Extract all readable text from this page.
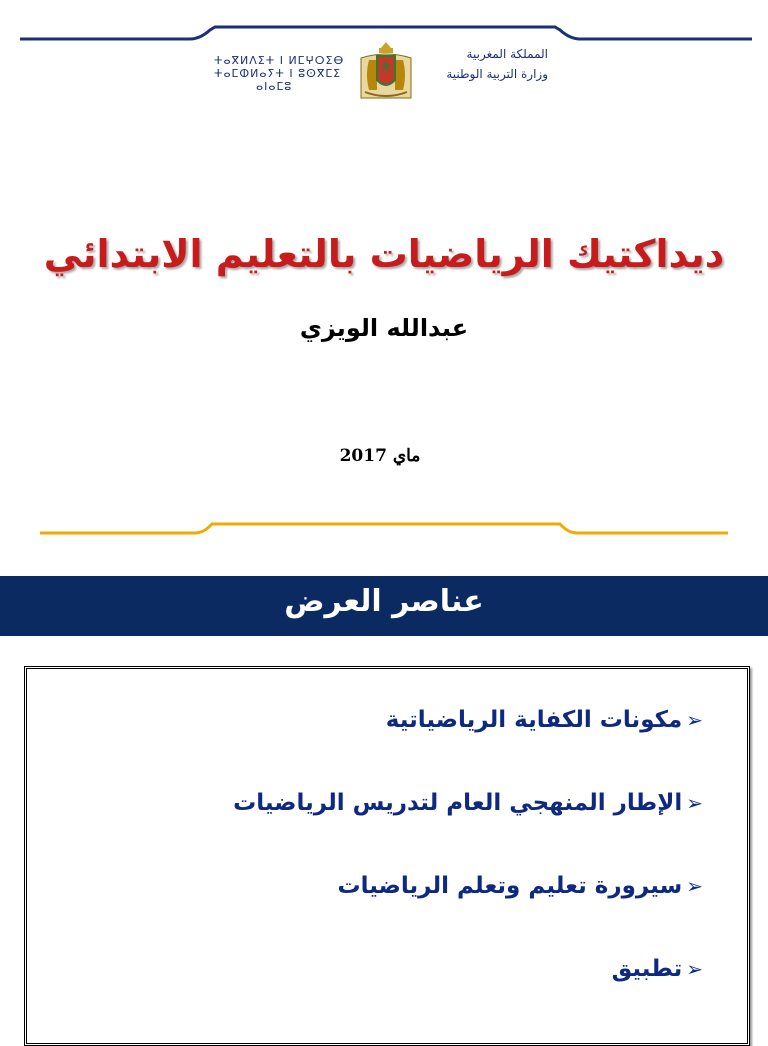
ⵜⴰⴳⵍⴷⵉⵜ ⵏ ⵍⵎⵖⵔⵉⴱ
ⵜⴰⵎⵀⵍⴰⵢⵜ ⵏ ⵓⵙⴳⵎⵉ
ⴰⵏⴰⵎⵓ
المملكة المغربية
وزارة التربية الوطنية
ديداكتيك الرياضيات بالتعليم الابتدائي
عبدالله الويزي
ماي 2017
عناصر العرض
➢مكونات الكفاية الرياضياتية
➢الإطار المنهجي العام لتدريس الرياضيات
➢سيرورة تعليم وتعلم الرياضيات
➢تطبيق
